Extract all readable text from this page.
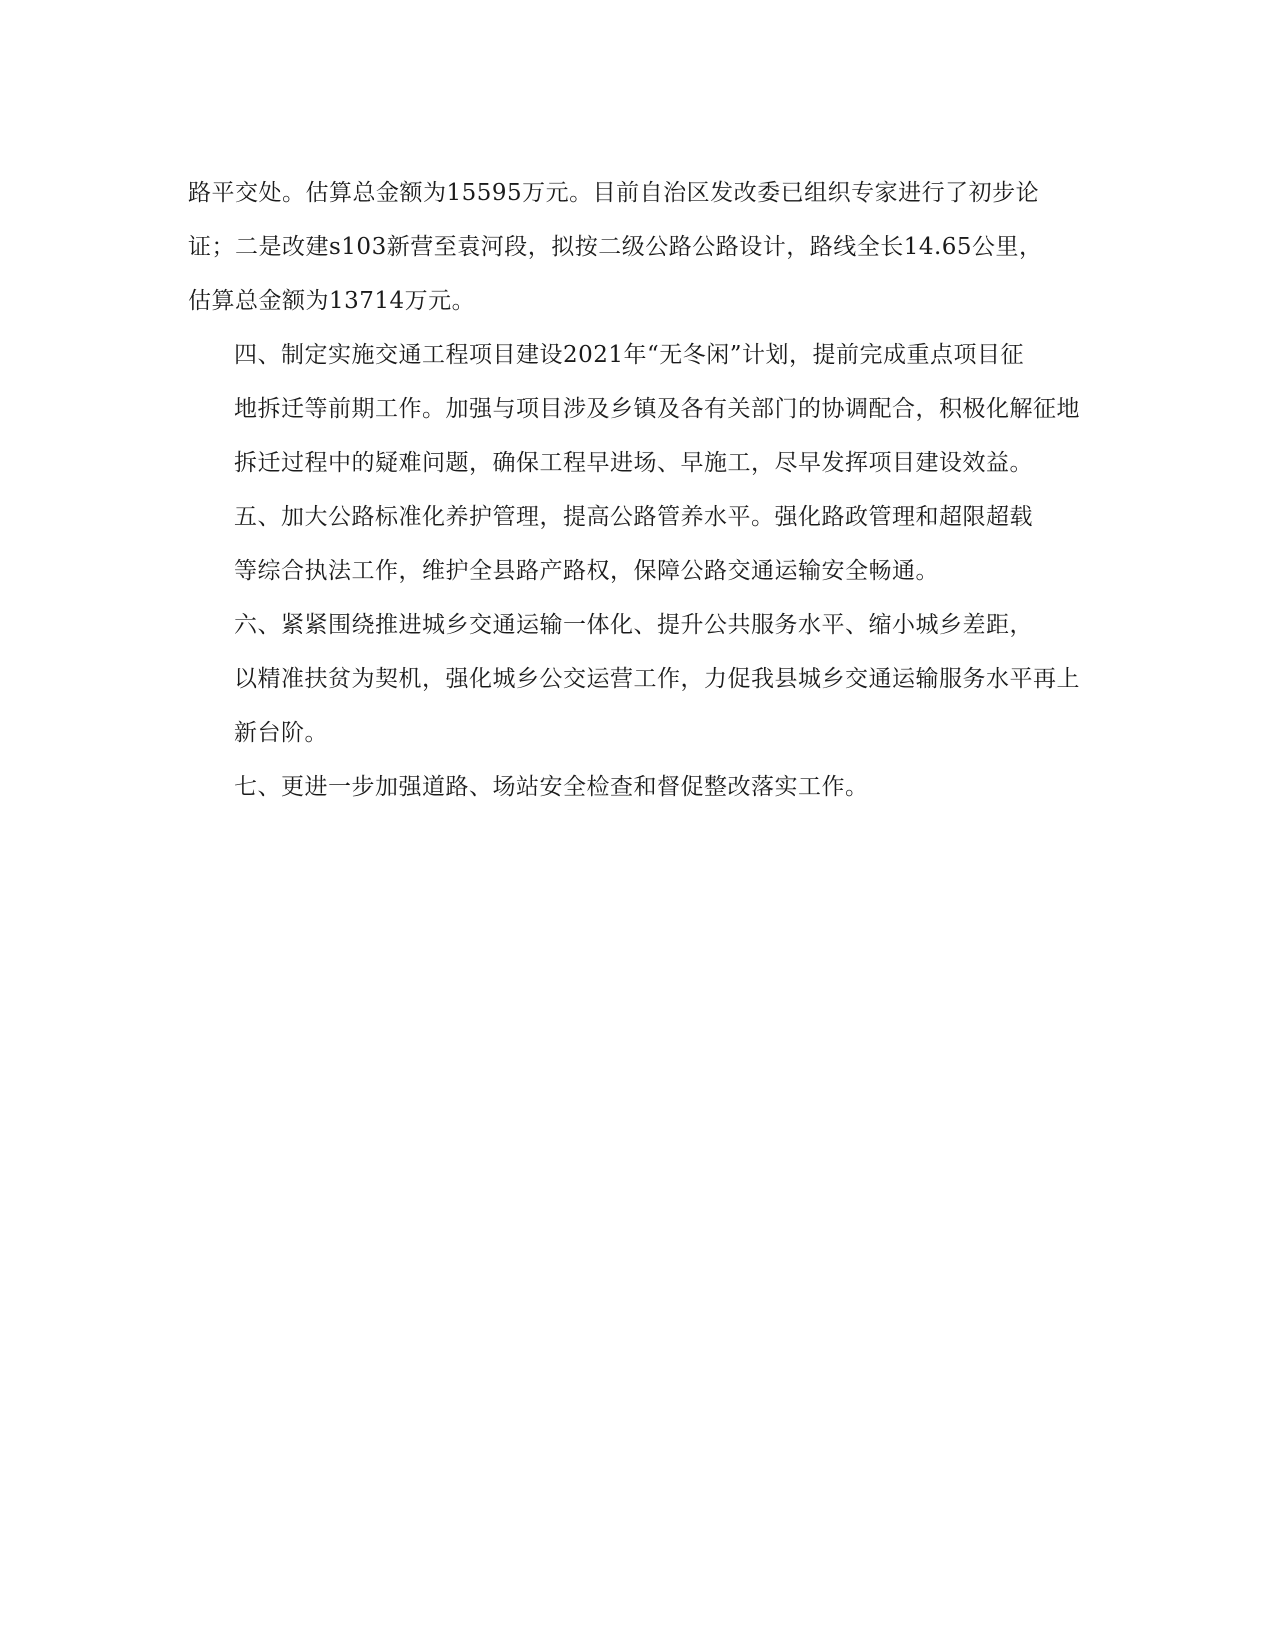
路平交处。估算总金额为15595万元。目前自治区发改委已组织专家进行了初步论
证；二是改建s103新营至袁河段，拟按二级公路公路设计，路线全长14.65公里，
估算总金额为13714万元。

四、制定实施交通工程项目建设2021年“无冬闲”计划，提前完成重点项目征
地拆迁等前期工作。加强与项目涉及乡镇及各有关部门的协调配合，积极化解征地
拆迁过程中的疑难问题，确保工程早进场、早施工，尽早发挥项目建设效益。

五、加大公路标准化养护管理，提高公路管养水平。强化路政管理和超限超载
等综合执法工作，维护全县路产路权，保障公路交通运输安全畅通。

六、紧紧围绕推进城乡交通运输一体化、提升公共服务水平、缩小城乡差距，
以精准扶贫为契机，强化城乡公交运营工作，力促我县城乡交通运输服务水平再上
新台阶。

七、更进一步加强道路、场站安全检查和督促整改落实工作。
